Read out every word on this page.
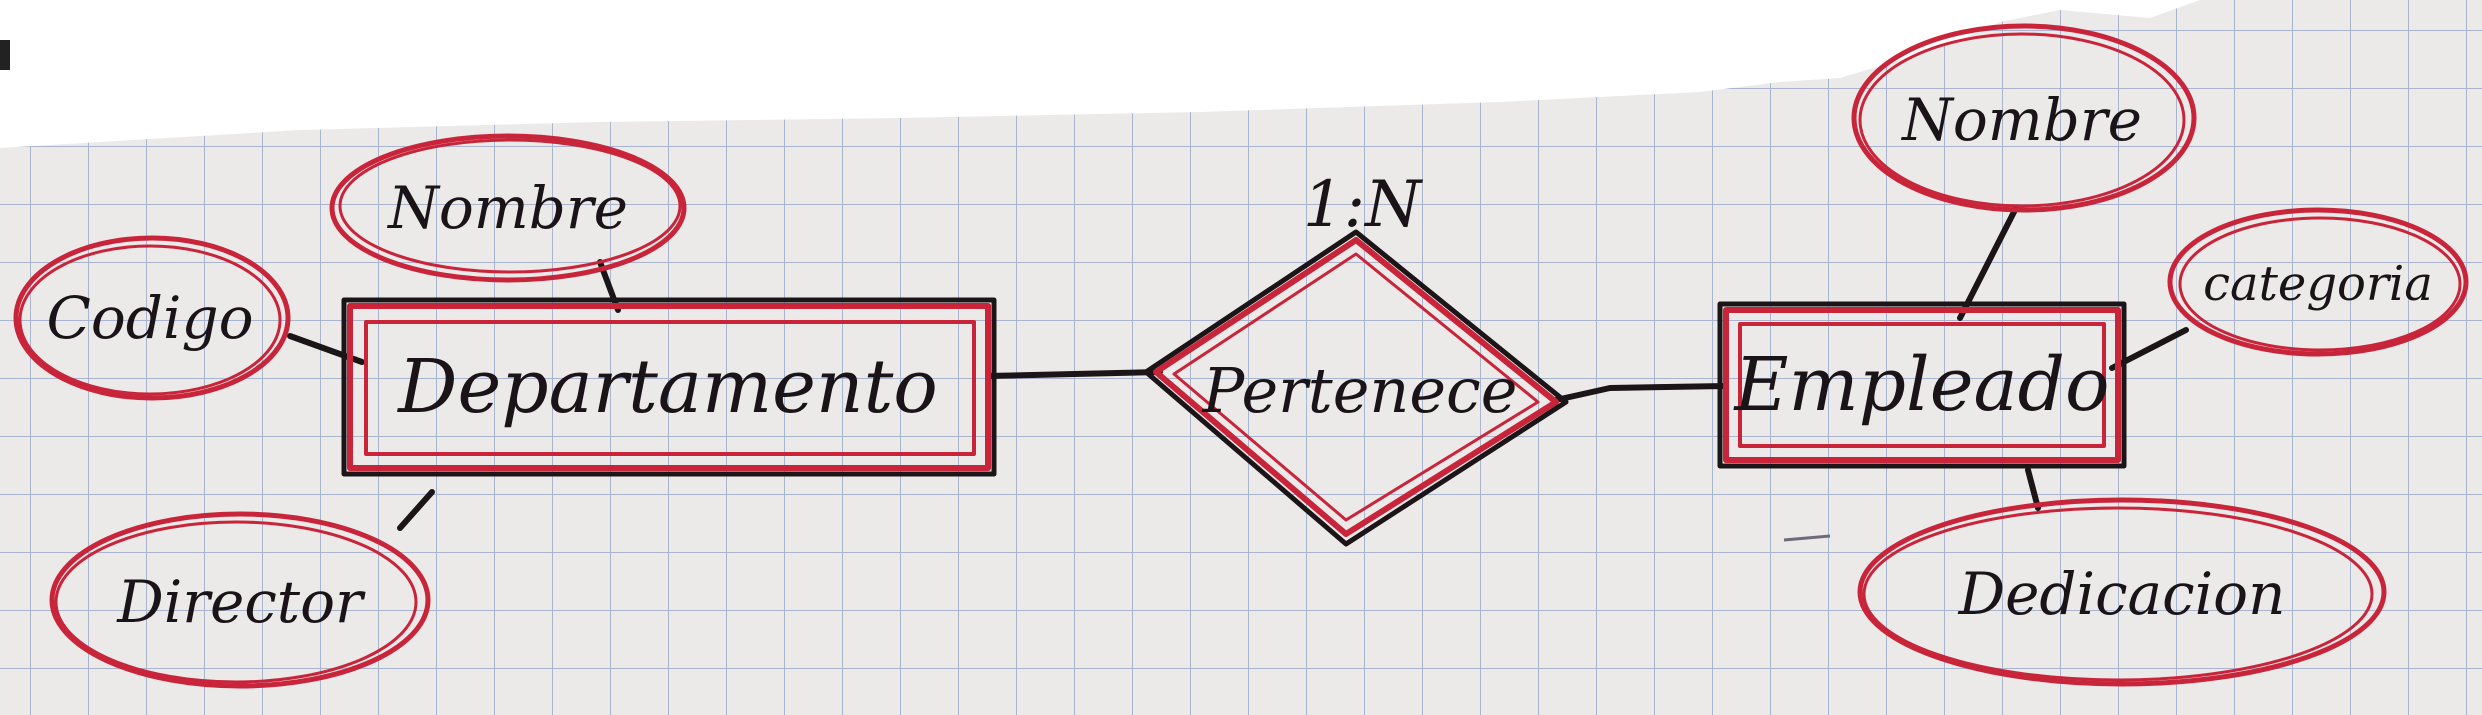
Codigo
Nombre
Director
Departamento	Pertenece
1:N
Empleado
Nombre
categoria
Dedicacion
